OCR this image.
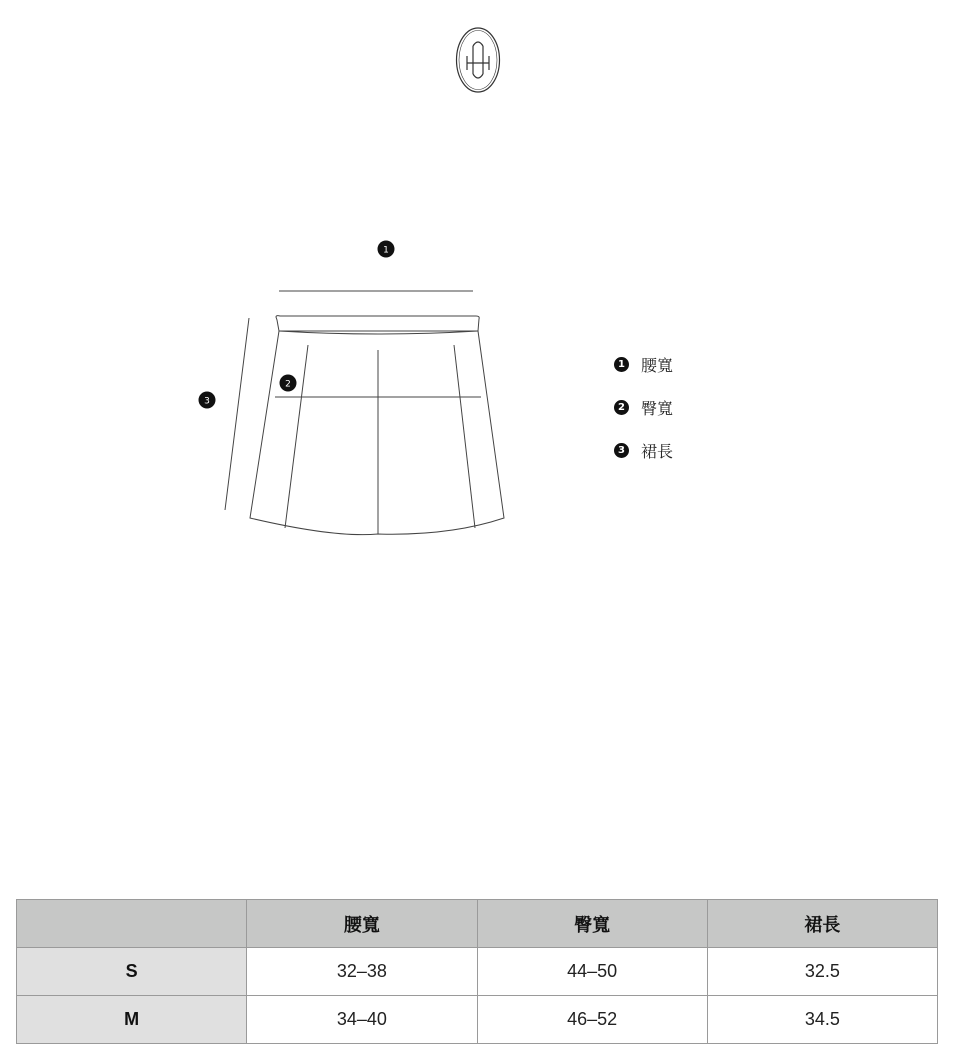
1
2
3
1 腰寬
2 臀寬
3 裙長
	腰寬	臀寬	裙長
S	32–38	44–50	32.5
M	34–40	46–52	34.5
